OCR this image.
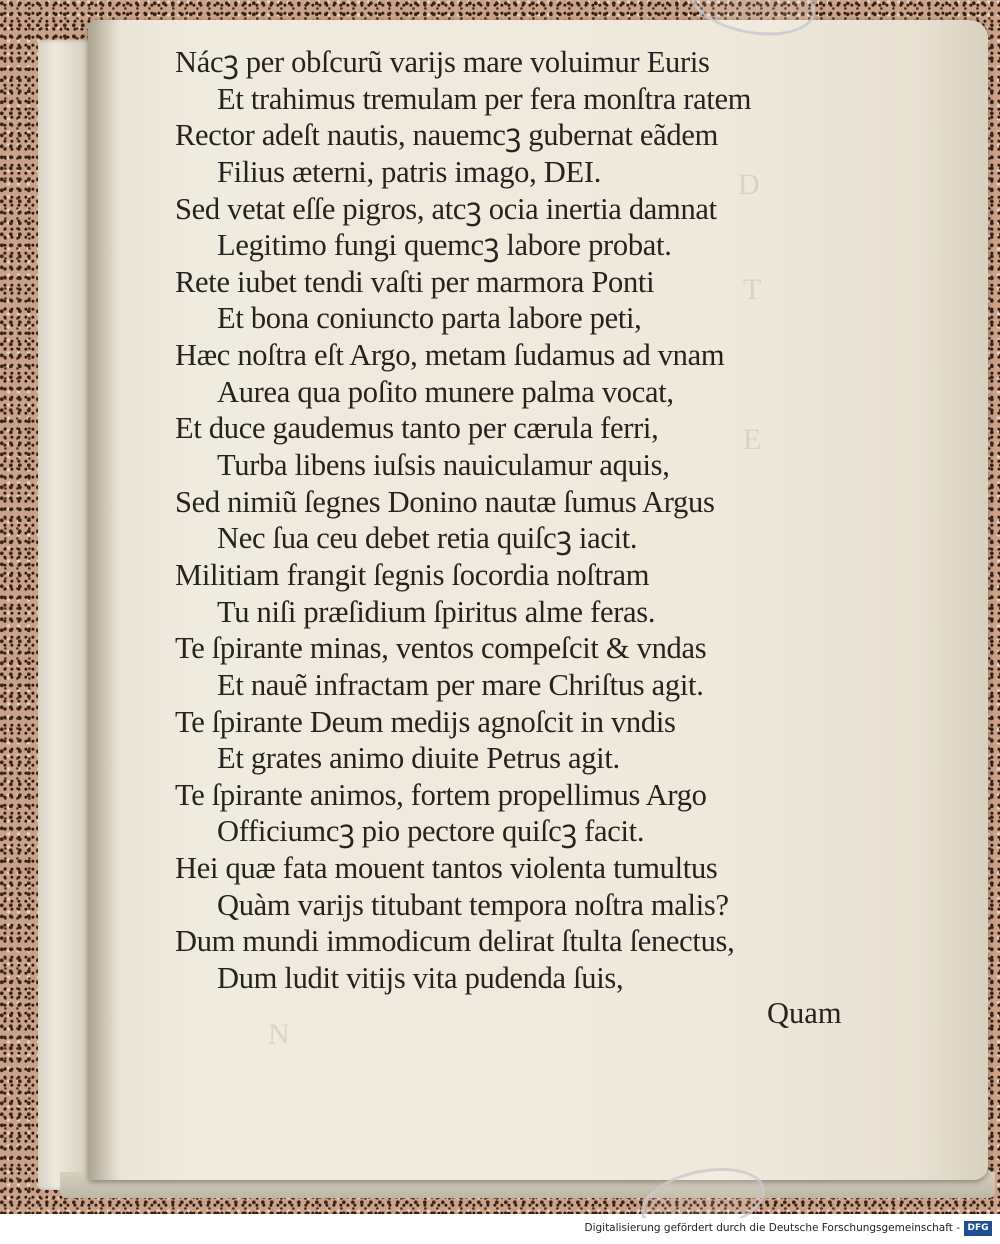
D
T
E
N
Nácꝫ per obſcurũ varijs mare voluimur Euris
Et trahimus tremulam per fera monſtra ratem
Rector adeſt nautis, nauemcꝫ gubernat eãdem
Filius æterni, patris imago, DEI.
Sed vetat eſſe pigros, atcꝫ ocia inertia damnat
Legitimo fungi quemcꝫ labore probat.
Rete iubet tendi vaſti per marmora Ponti
Et bona coniuncto parta labore peti,
Hæc noſtra eſt Argo, metam ſudamus ad vnam
Aurea qua poſito munere palma vocat,
Et duce gaudemus tanto per cærula ferri,
Turba libens iuſsis nauiculamur aquis,
Sed nimiũ ſegnes Donino nautæ ſumus Argus
Nec ſua ceu debet retia quiſcꝫ iacit.
Militiam frangit ſegnis ſocordia noſtram
Tu niſi præſidium ſpiritus alme feras.
Te ſpirante minas, ventos compeſcit & vndas
Et nauẽ infractam per mare Chriſtus agit.
Te ſpirante Deum medijs agnoſcit in vndis
Et grates animo diuite Petrus agit.
Te ſpirante animos, fortem propellimus Argo
Officiumcꝫ pio pectore quiſcꝫ facit.
Hei quæ fata mouent tantos violenta tumultus
Quàm varijs titubant tempora noſtra malis?
Dum mundi immodicum delirat ſtulta ſenectus,
Dum ludit vitijs vita pudenda ſuis,
Quam
Digitalisierung gefördert durch die Deutsche Forschungsgemeinschaft - DFG
